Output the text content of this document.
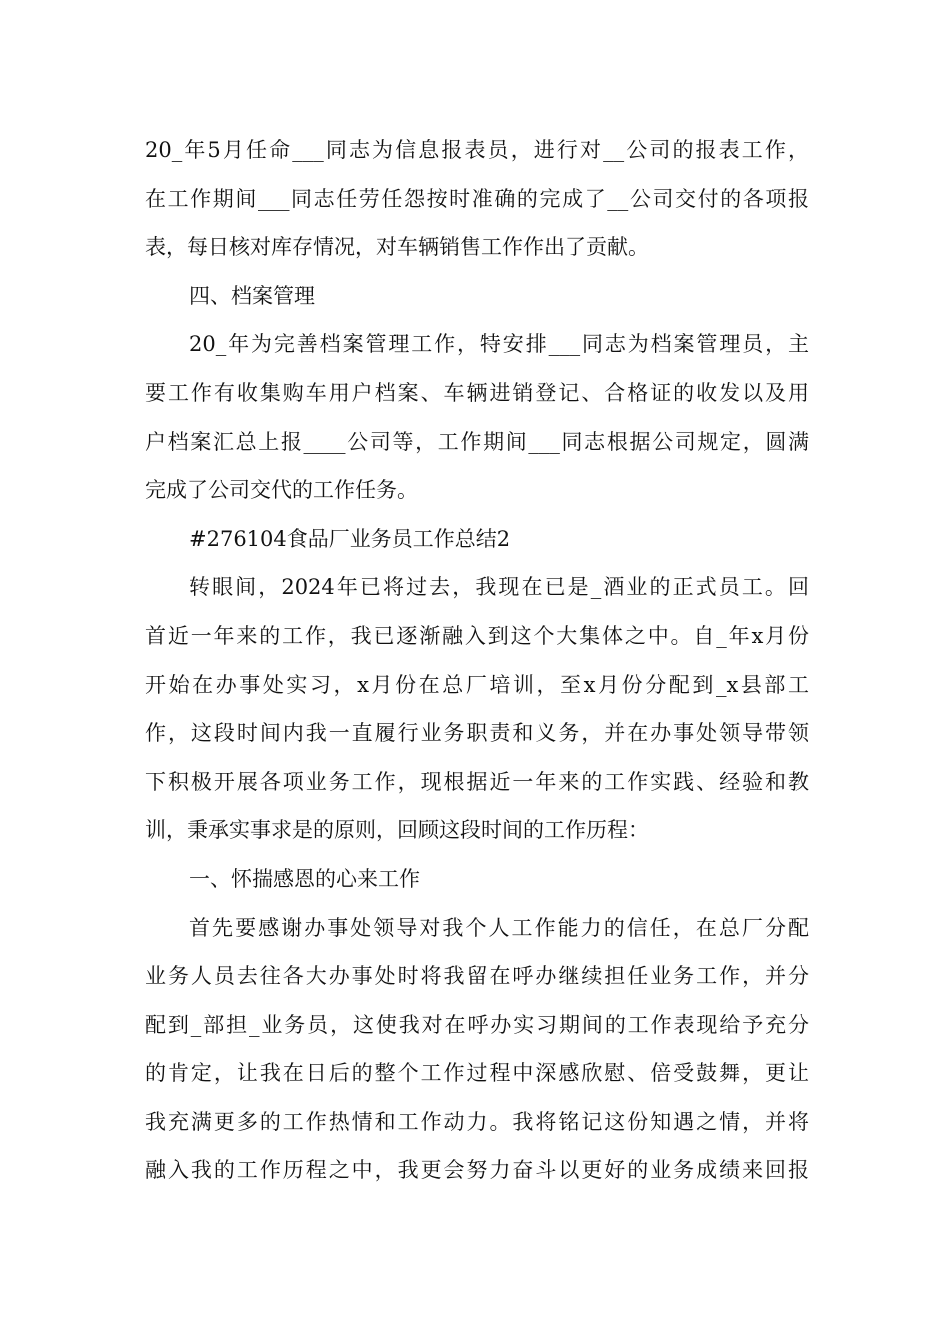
20_年5月任命___同志为信息报表员，进行对__公司的报表工作，
在工作期间___同志任劳任怨按时准确的完成了__公司交付的各项报
表，每日核对库存情况，对车辆销售工作作出了贡献。
四、档案管理
20_年为完善档案管理工作，特安排___同志为档案管理员，主
要工作有收集购车用户档案、车辆进销登记、合格证的收发以及用
户档案汇总上报____公司等，工作期间___同志根据公司规定，圆满
完成了公司交代的工作任务。
#276104食品厂业务员工作总结2
转眼间，2024年已将过去，我现在已是_酒业的正式员工。回
首近一年来的工作，我已逐渐融入到这个大集体之中。自_年x月份
开始在办事处实习，x月份在总厂培训，至x月份分配到_x县部工
作，这段时间内我一直履行业务职责和义务，并在办事处领导带领
下积极开展各项业务工作，现根据近一年来的工作实践、经验和教
训，秉承实事求是的原则，回顾这段时间的工作历程：
一、怀揣感恩的心来工作
首先要感谢办事处领导对我个人工作能力的信任，在总厂分配
业务人员去往各大办事处时将我留在呼办继续担任业务工作，并分
配到_部担_业务员，这使我对在呼办实习期间的工作表现给予充分
的肯定，让我在日后的整个工作过程中深感欣慰、倍受鼓舞，更让
我充满更多的工作热情和工作动力。我将铭记这份知遇之情，并将
融入我的工作历程之中，我更会努力奋斗以更好的业务成绩来回报
